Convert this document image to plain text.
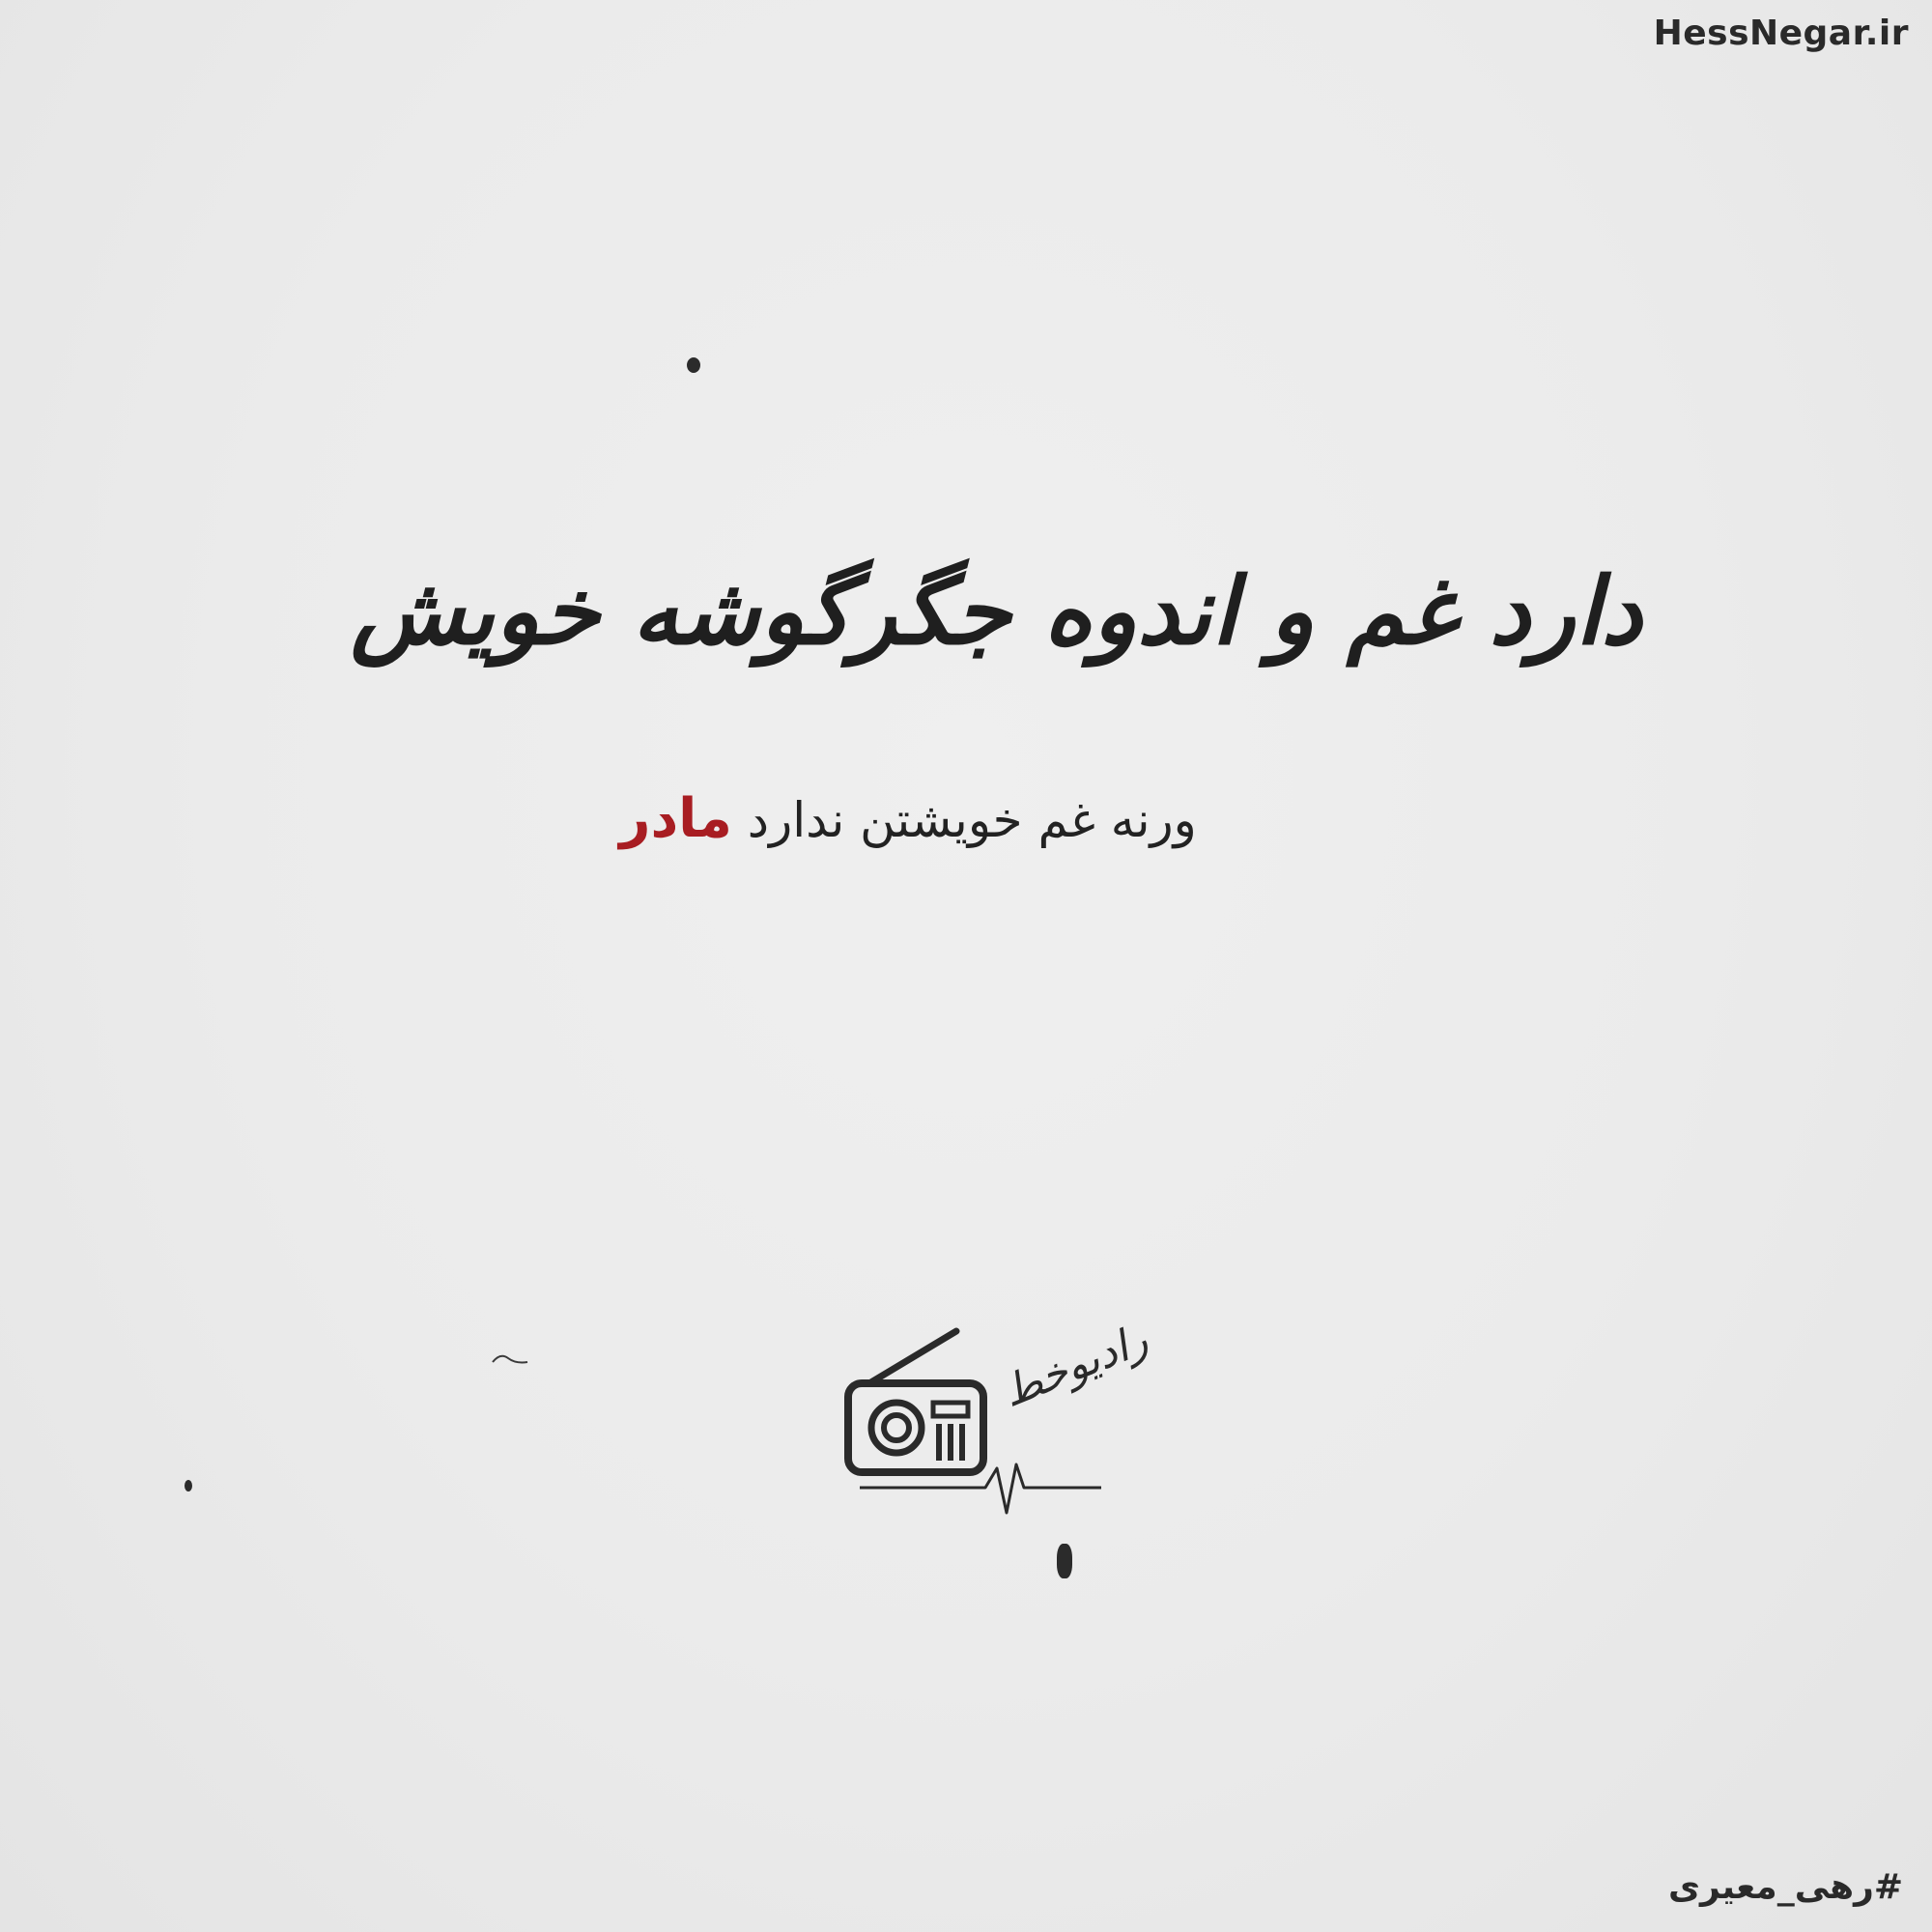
HessNegar.ir
دارد غم و اندوه جگرگوشه خویش
ورنه غم خویشتن ندارد مادر
رادیوخط
#رهی_معیری
